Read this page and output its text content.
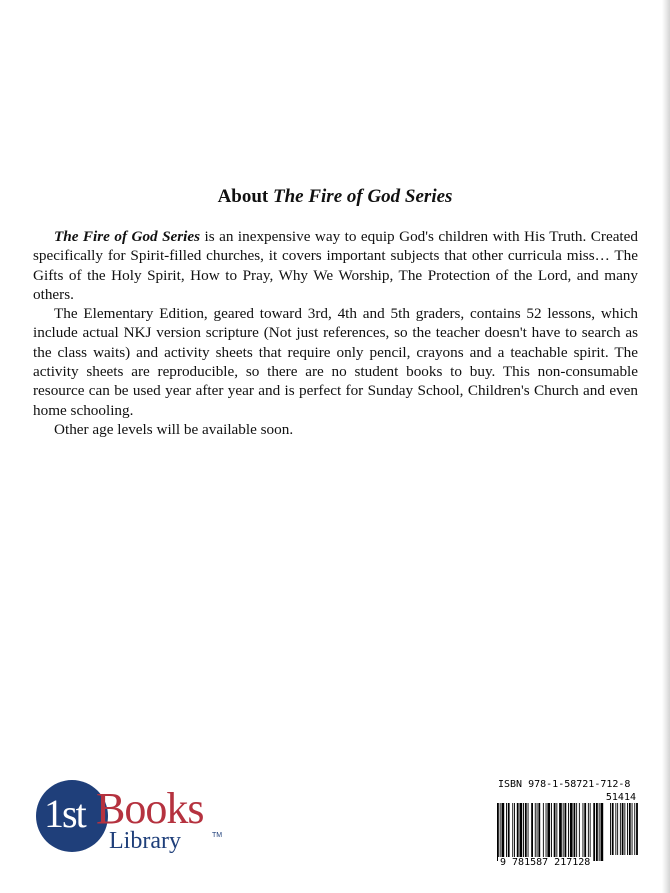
About The Fire of God Series

The Fire of God Series is an inexpensive way to equip God's children with His Truth. Created specifically for Spirit-filled churches, it covers important subjects that other curricula miss… The Gifts of the Holy Spirit, How to Pray, Why We Worship, The Protection of the Lord, and many others.

The Elementary Edition, geared toward 3rd, 4th and 5th graders, contains 52 lessons, which include actual NKJ version scripture (Not just references, so the teacher doesn't have to search as the class waits) and activity sheets that require only pencil, crayons and a teachable spirit. The activity sheets are reproducible, so there are no student books to buy. This non-consumable resource can be used year after year and is perfect for Sunday School, Children's Church and even home schooling.

Other age levels will be available soon.

1st Books
Library	TM
ISBN 978-1-58721-712-8
51414
9 781587 217128
